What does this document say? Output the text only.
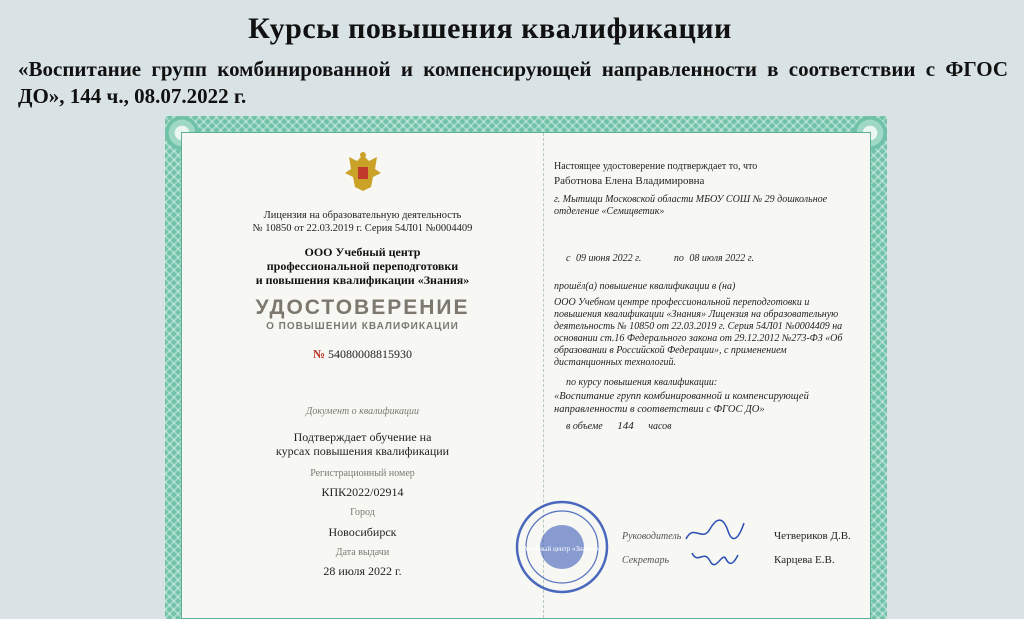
Курсы повышения квалификации
«Воспитание групп комбинированной и компенсирующей направленности в соответствии с ФГОС ДО», 144 ч., 08.07.2022 г.
Лицензия на образовательную деятельность
№ 10850 от 22.03.2019 г. Серия 54Л01 №0004409
ООО Учебный центр
профессиональной переподготовки
и повышения квалификации «Знания»
УДОСТОВЕРЕНИЕ
О ПОВЫШЕНИИ КВАЛИФИКАЦИИ
№ 54080008815930
Документ о квалификации
Подтверждает обучение на
курсах повышения квалификации
Регистрационный номер
КПК2022/02914
Город
Новосибирск
Дата выдачи
28 июля 2022 г.
Настоящее удостоверение подтверждает то, что
Работнова Елена Владимировна
г. Мытищи Московской области МБОУ СОШ № 29 дошкольное
отделение «Семицветик»
с 09 июня 2022 г.	по 08 июля 2022 г.
прошёл(а) повышение квалификации в (на)
ООО Учебном центре профессиональной переподготовки и
повышения квалификации «Знания» Лицензия на образовательную
деятельность № 10850 от 22.03.2019 г. Серия 54Л01 №0004409 на
основании ст.16 Федерального закона от 29.12.2012 №273-ФЗ «Об
образовании в Российской Федерации», с применением
дистанционных технологий.
по курсу повышения квалификации:
«Воспитание групп комбинированной и компенсирующей
направленности в соответствии с ФГОС ДО»
в объеме 144 часов
Учебный центр «Знания»
Руководитель	Четвериков Д.В.
Секретарь	Карцева Е.В.
